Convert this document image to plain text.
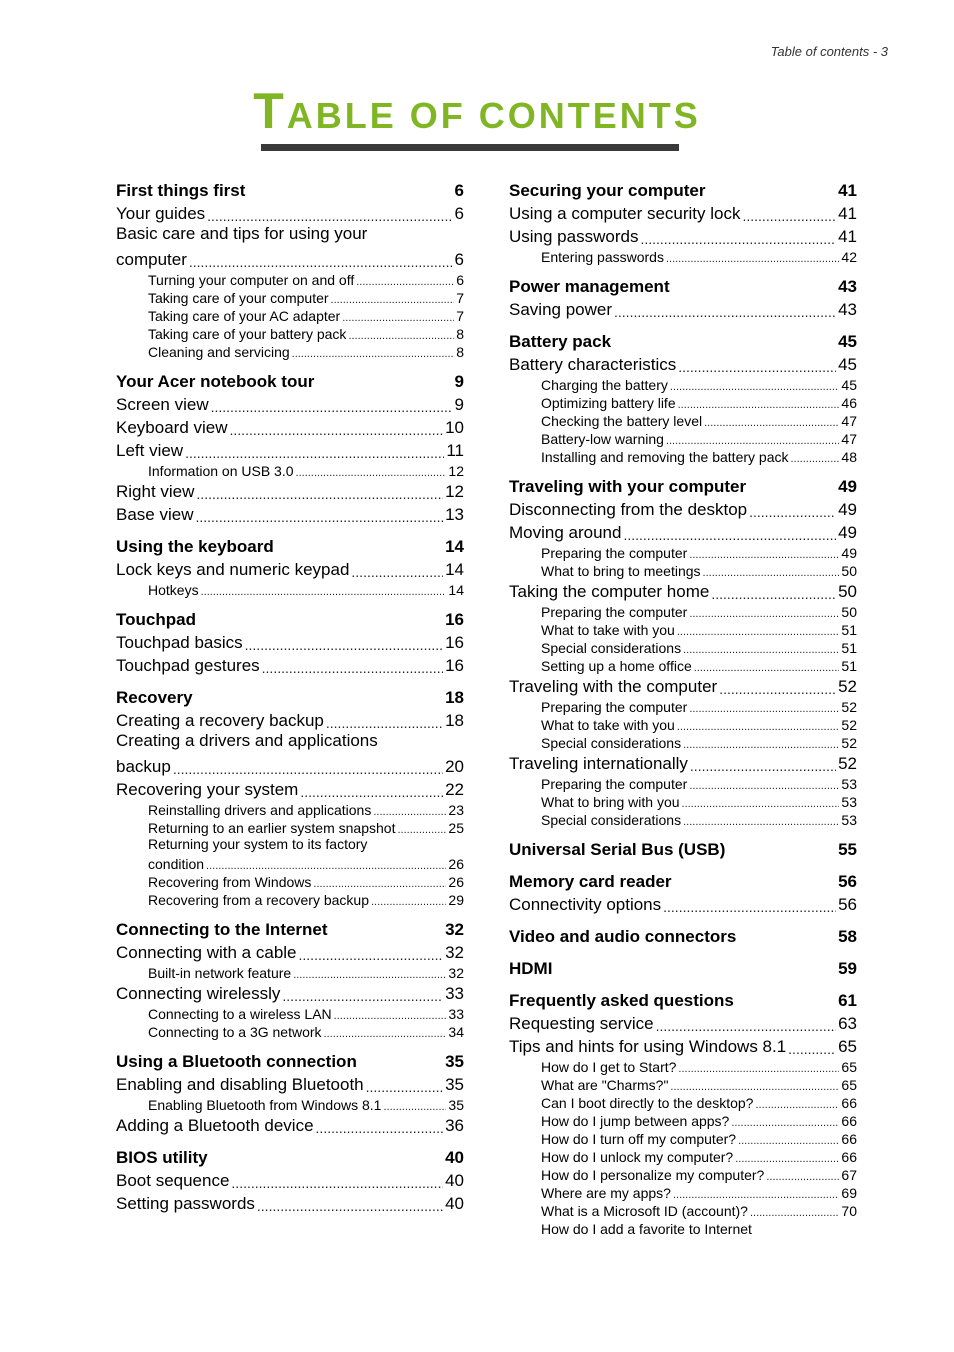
Table of contents - 3
TABLE OF CONTENTS
First things first	6
Your guides .....	6
Basic care and tips for using your
computer .....	6
Turning your computer on and off .....	6
Taking care of your computer .....	7
Taking care of your AC adapter .....	7
Taking care of your battery pack .....	8
Cleaning and servicing .....	8
Your Acer notebook tour	9
Screen view .....	9
Keyboard view .....	10
Left view .....	11
Information on USB 3.0 .....	12
Right view .....	12
Base view .....	13
Using the keyboard	14
Lock keys and numeric keypad .....	14
Hotkeys .....	14
Touchpad	16
Touchpad basics .....	16
Touchpad gestures .....	16
Recovery	18
Creating a recovery backup .....	18
Creating a drivers and applications
backup .....	20
Recovering your system .....	22
Reinstalling drivers and applications .....	23
Returning to an earlier system snapshot .....	25
Returning your system to its factory
condition .....	26
Recovering from Windows .....	26
Recovering from a recovery backup .....	29
Connecting to the Internet	32
Connecting with a cable .....	32
Built-in network feature .....	32
Connecting wirelessly .....	33
Connecting to a wireless LAN .....	33
Connecting to a 3G network .....	34
Using a Bluetooth connection	35
Enabling and disabling Bluetooth .....	35
Enabling Bluetooth from Windows 8.1 .....	35
Adding a Bluetooth device .....	36
BIOS utility	40
Boot sequence .....	40
Setting passwords .....	40
Securing your computer	41
Using a computer security lock .....	41
Using passwords .....	41
Entering passwords .....	42
Power management	43
Saving power .....	43
Battery pack	45
Battery characteristics .....	45
Charging the battery .....	45
Optimizing battery life .....	46
Checking the battery level .....	47
Battery-low warning .....	47
Installing and removing the battery pack .....	48
Traveling with your computer	49
Disconnecting from the desktop .....	49
Moving around .....	49
Preparing the computer .....	49
What to bring to meetings .....	50
Taking the computer home .....	50
Preparing the computer .....	50
What to take with you .....	51
Special considerations .....	51
Setting up a home office .....	51
Traveling with the computer .....	52
Preparing the computer .....	52
What to take with you .....	52
Special considerations .....	52
Traveling internationally .....	52
Preparing the computer .....	53
What to bring with you .....	53
Special considerations .....	53
Universal Serial Bus (USB)	55
Memory card reader	56
Connectivity options .....	56
Video and audio connectors	58
HDMI	59
Frequently asked questions	61
Requesting service .....	63
Tips and hints for using Windows 8.1 .....	65
How do I get to Start? .....	65
What are "Charms?" .....	65
Can I boot directly to the desktop? .....	66
How do I jump between apps? .....	66
How do I turn off my computer? .....	66
How do I unlock my computer? .....	66
How do I personalize my computer? .....	67
Where are my apps? .....	69
What is a Microsoft ID (account)? .....	70
How do I add a favorite to Internet
